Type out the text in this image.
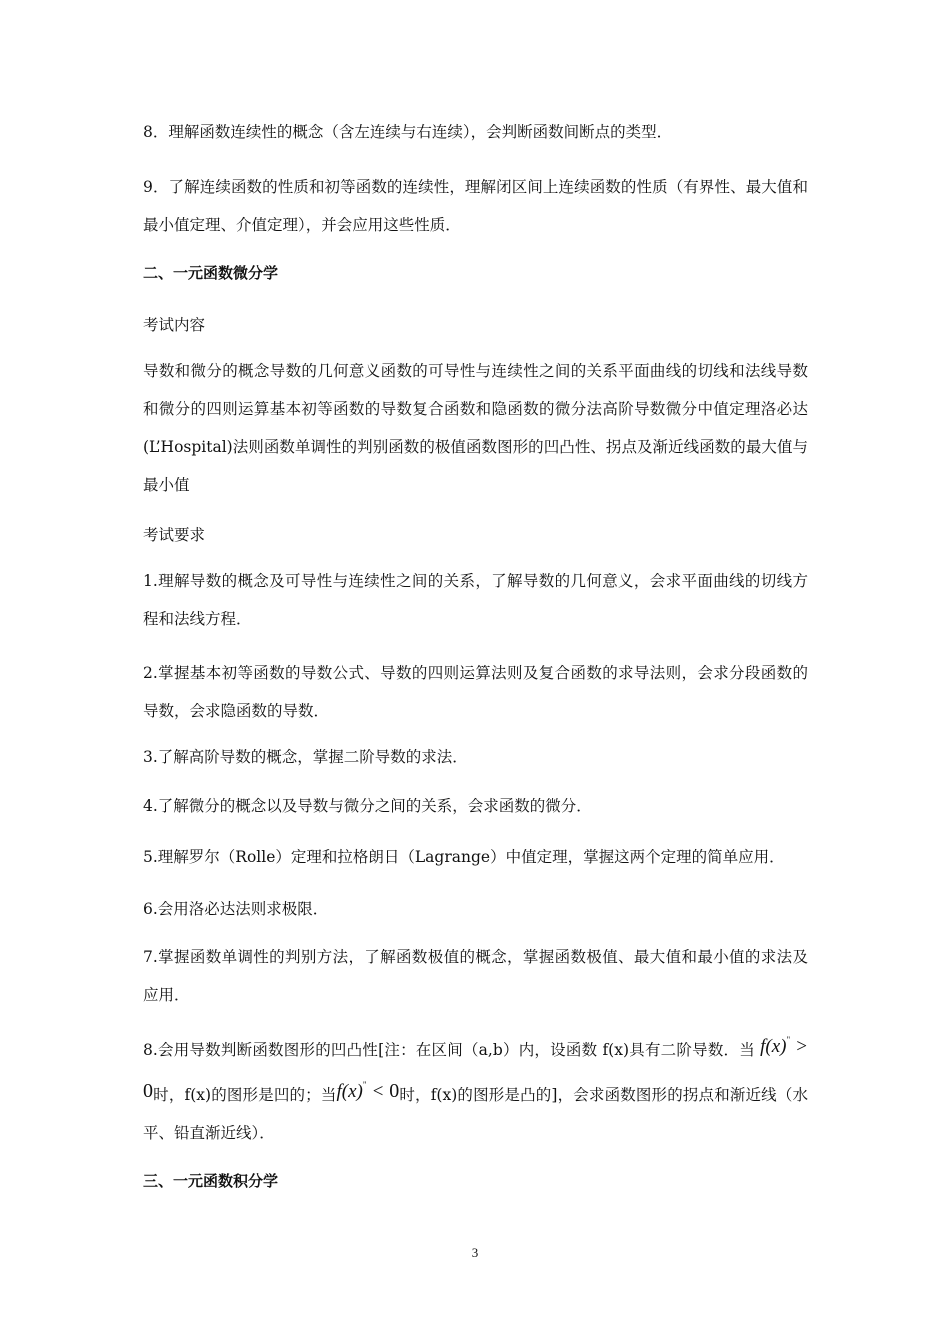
8．理解函数连续性的概念（含左连续与右连续），会判断函数间断点的类型．

9．了解连续函数的性质和初等函数的连续性，理解闭区间上连续函数的性质（有界性、最大值和最小值定理、介值定理），并会应用这些性质．

二、一元函数微分学

考试内容

导数和微分的概念导数的几何意义函数的可导性与连续性之间的关系平面曲线的切线和法线导数和微分的四则运算基本初等函数的导数复合函数和隐函数的微分法高阶导数微分中值定理洛必达(L’Hospital)法则函数单调性的判别函数的极值函数图形的凹凸性、拐点及渐近线函数的最大值与最小值

考试要求

1.理解导数的概念及可导性与连续性之间的关系，了解导数的几何意义，会求平面曲线的切线方程和法线方程．

2.掌握基本初等函数的导数公式、导数的四则运算法则及复合函数的求导法则，会求分段函数的导数，会求隐函数的导数．

3.了解高阶导数的概念，掌握二阶导数的求法．

4.了解微分的概念以及导数与微分之间的关系，会求函数的微分．

5.理解罗尔（Rolle）定理和拉格朗日（Lagrange）中值定理，掌握这两个定理的简单应用．

6.会用洛必达法则求极限．

7.掌握函数单调性的判别方法，了解函数极值的概念，掌握函数极值、最大值和最小值的求法及应用．

8.会用导数判断函数图形的凹凸性[注：在区间（a,b）内，设函数 f(x)具有二阶导数．当 f(x)" > 0时，f(x)的图形是凹的；当f(x)" < 0时，f(x)的图形是凸的]，会求函数图形的拐点和渐近线（水平、铅直渐近线）．

三、一元函数积分学

3
